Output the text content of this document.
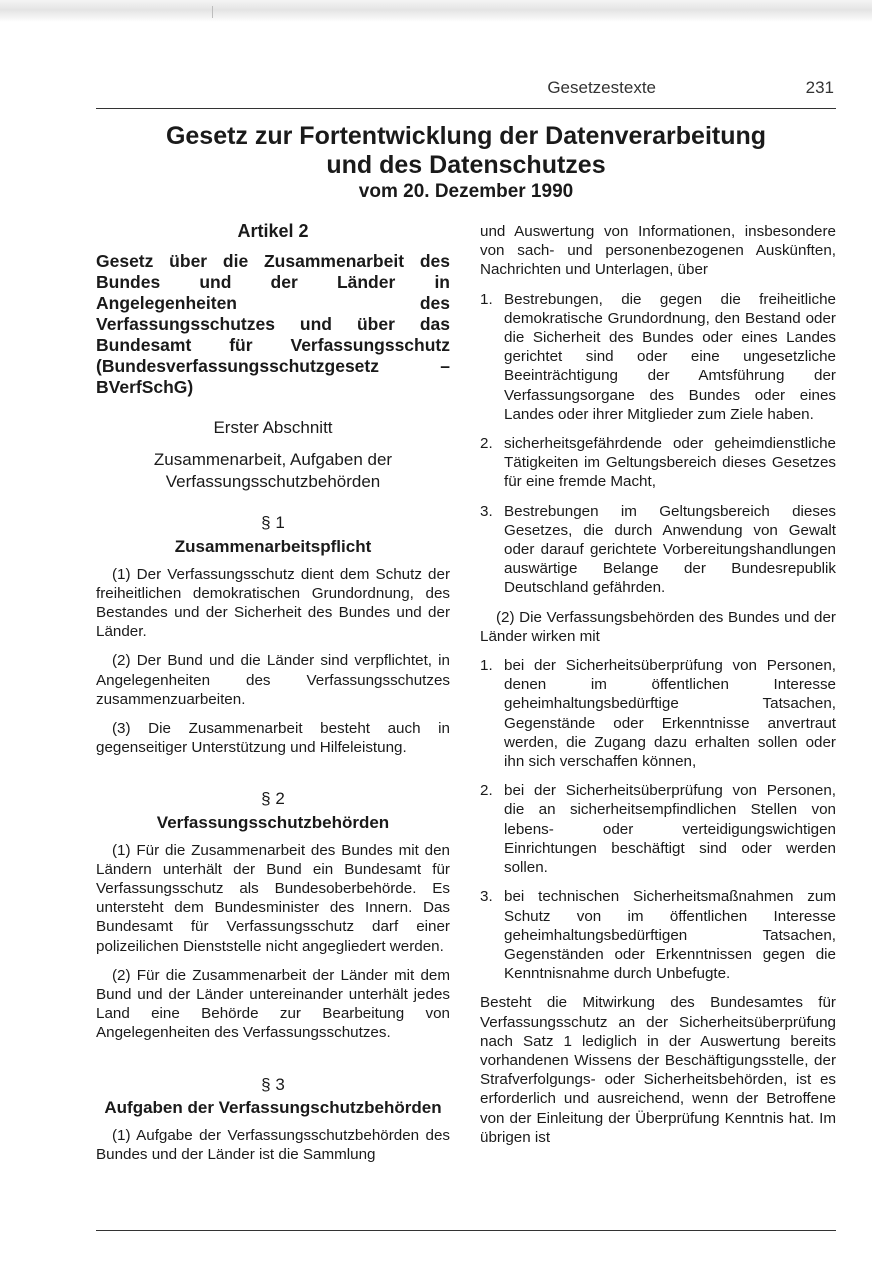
Gesetzestexte	231
Gesetz zur Fortentwicklung der Datenverarbeitung
und des Datenschutzes
vom 20. Dezember 1990
Artikel 2
Gesetz über die Zusammenarbeit des Bundes und der Länder in Angelegenheiten des Verfassungsschutzes und über das Bundesamt für Verfassungsschutz (Bundesverfassungsschutzgesetz – BVerfSchG)
Erster Abschnitt
Zusammenarbeit, Aufgaben der Verfassungsschutzbehörden
§ 1
Zusammenarbeitspflicht
(1) Der Verfassungsschutz dient dem Schutz der freiheitlichen demokratischen Grundordnung, des Bestandes und der Sicherheit des Bundes und der Länder.
(2) Der Bund und die Länder sind verpflichtet, in Angelegenheiten des Verfassungsschutzes zusammenzuarbeiten.
(3) Die Zusammenarbeit besteht auch in gegenseitiger Unterstützung und Hilfeleistung.
§ 2
Verfassungsschutzbehörden
(1) Für die Zusammenarbeit des Bundes mit den Ländern unterhält der Bund ein Bundesamt für Verfassungsschutz als Bundesoberbehörde. Es untersteht dem Bundesminister des Innern. Das Bundesamt für Verfassungsschutz darf einer polizeilichen Dienststelle nicht angegliedert werden.
(2) Für die Zusammenarbeit der Länder mit dem Bund und der Länder untereinander unterhält jedes Land eine Behörde zur Bearbeitung von Angelegenheiten des Verfassungsschutzes.
§ 3
Aufgaben der Verfassungschutzbehörden
(1) Aufgabe der Verfassungsschutzbehörden des Bundes und der Länder ist die Sammlung
und Auswertung von Informationen, insbesondere von sach- und personenbezogenen Auskünften, Nachrichten und Unterlagen, über
1. Bestrebungen, die gegen die freiheitliche demokratische Grundordnung, den Bestand oder die Sicherheit des Bundes oder eines Landes gerichtet sind oder eine ungesetzliche Beeinträchtigung der Amtsführung der Verfassungsorgane des Bundes oder eines Landes oder ihrer Mitglieder zum Ziele haben.
2. sicherheitsgefährdende oder geheimdienstliche Tätigkeiten im Geltungsbereich dieses Gesetzes für eine fremde Macht,
3. Bestrebungen im Geltungsbereich dieses Gesetzes, die durch Anwendung von Gewalt oder darauf gerichtete Vorbereitungshandlungen auswärtige Belange der Bundesrepublik Deutschland gefährden.
(2) Die Verfassungsbehörden des Bundes und der Länder wirken mit
1. bei der Sicherheitsüberprüfung von Personen, denen im öffentlichen Interesse geheimhaltungsbedürftige Tatsachen, Gegenstände oder Erkenntnisse anvertraut werden, die Zugang dazu erhalten sollen oder ihn sich verschaffen können,
2. bei der Sicherheitsüberprüfung von Personen, die an sicherheitsempfindlichen Stellen von lebens- oder verteidigungswichtigen Einrichtungen beschäftigt sind oder werden sollen.
3. bei technischen Sicherheitsmaßnahmen zum Schutz von im öffentlichen Interesse geheimhaltungsbedürftigen Tatsachen, Gegenständen oder Erkenntnissen gegen die Kenntnisnahme durch Unbefugte.
Besteht die Mitwirkung des Bundesamtes für Verfassungsschutz an der Sicherheitsüberprüfung nach Satz 1 lediglich in der Auswertung bereits vorhandenen Wissens der Beschäftigungsstelle, der Strafverfolgungs- oder Sicherheitsbehörden, ist es erforderlich und ausreichend, wenn der Betroffene von der Einleitung der Überprüfung Kenntnis hat. Im übrigen ist
